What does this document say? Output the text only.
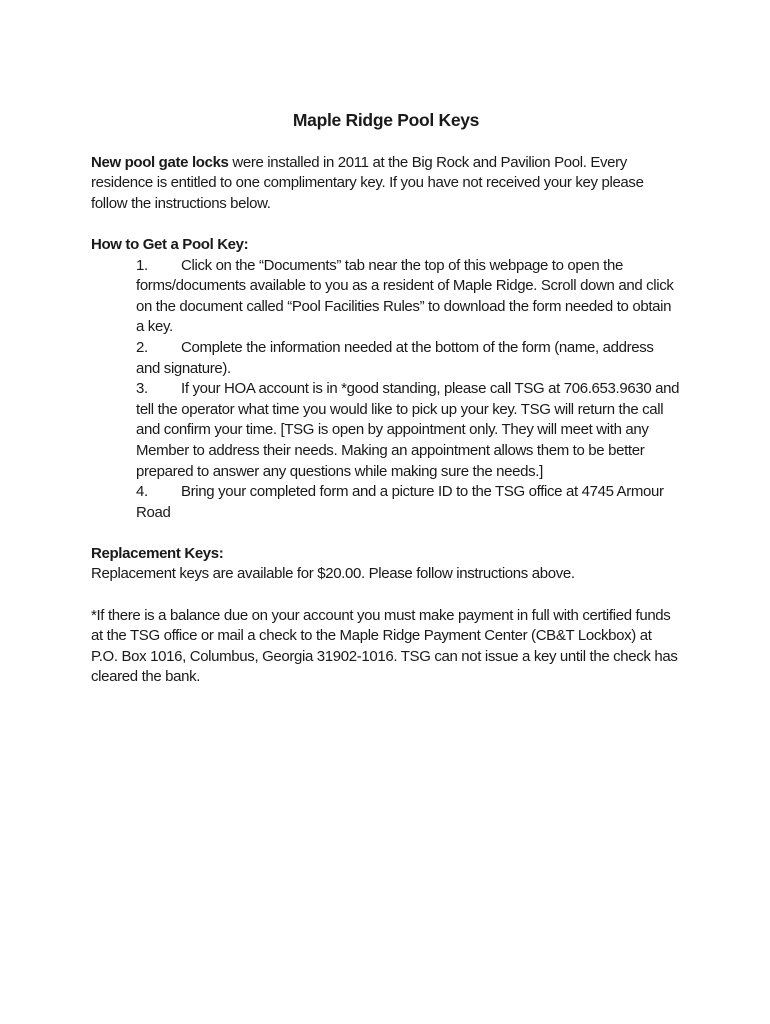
Maple Ridge Pool Keys

New pool gate locks were installed in 2011 at the Big Rock and Pavilion Pool. Every residence is entitled to one complimentary key. If you have not received your key please follow the instructions below.

How to Get a Pool Key:

1. Click on the “Documents” tab near the top of this webpage to open the forms/documents available to you as a resident of Maple Ridge. Scroll down and click on the document called “Pool Facilities Rules” to download the form needed to obtain a key.
2. Complete the information needed at the bottom of the form (name, address and signature).
3. If your HOA account is in *good standing, please call TSG at 706.653.9630 and tell the operator what time you would like to pick up your key. TSG will return the call and confirm your time. [TSG is open by appointment only. They will meet with any Member to address their needs. Making an appointment allows them to be better prepared to answer any questions while making sure the needs.]
4. Bring your completed form and a picture ID to the TSG office at 4745 Armour Road

Replacement Keys:

Replacement keys are available for $20.00. Please follow instructions above.

*If there is a balance due on your account you must make payment in full with certified funds at the TSG office or mail a check to the Maple Ridge Payment Center (CB&T Lockbox) at P.O. Box 1016, Columbus, Georgia 31902-1016. TSG can not issue a key until the check has cleared the bank.
